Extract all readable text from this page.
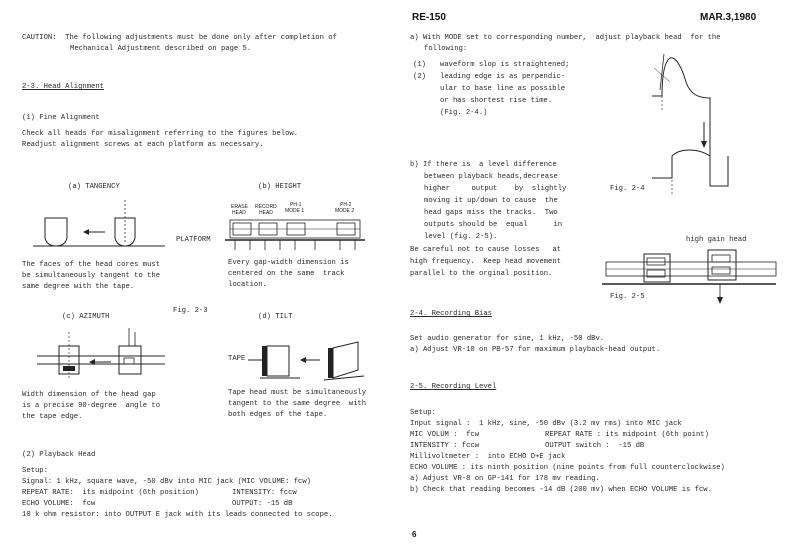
RE-150	MAR.3,1980
6
CAUTION:  The following adjustments must be done only after completion of
Mechanical Adjustment described on page 5.
2-3. Head Alignment
(1) Fine Alignment
Check all heads for misalignment referring to the figures below.
Readjust alignment screws at each platform as necessary.
(a) TANGENCY	(b) HEIGHT
ERASE
HEAD
RECORD
HEAD
PH-1
MODE 1
PH-2
MODE 2
PLATFORM
The faces of the head cores must
be simultaneously tangent to the
same degree with the tape.
Every gap-width dimension is
centered on the same  track
location.
Fig. 2-3
(c) AZIMUTH	(d) TILT
TAPE
Width dimension of the head gap
is a precise 90-degree  angle to
the tape edge.
Tape head must be simultaneously
tangent to the same degree  with
both edges of the tape.
(2) Playback Head
Setup:
Signal: 1 kHz, square wave, -50 dBv into MIC jack (MIC VOLUME: fcw)
REPEAT RATE:  its midpoint (6th position)	INTENSITY: fccw
ECHO VOLUME:  fcw	OUTPUT: -15 dB
10 k ohm resistor: into OUTPUT E jack with its leads connected to scope.
a) With MODE set to corresponding number,  adjust playback head  for the
following:
(1) waveform slop is straightened;
(2) leading edge is as perpendic-
ular to base line as possible
or has shortest rise time.
(Fig. 2-4.)
b) If there is  a level difference
between playback heads,decrease
higher     output    by  slightly
moving it up/down to cause  the
head gaps miss the tracks.  Two
outputs should be  equal      in
level (fig. 2-5).
Be careful not to cause losses   at
high frequency.  Keep head movement
parallel to the orginal position.
Fig. 2-4
high gain head
Fig. 2-5
2-4. Recording Bias
Set audio generator for sine, 1 kHz, -50 dBv.
a) Adjust VR-10 on PB-57 for maximum playback-head output.
2-5. Recording Level
Setup:
Input signal :  1 kHz, sine, -50 dBv (3.2 mv rms) into MIC jack
MIC VOLUM :  fcw	REPEAT RATE : its midpoint (6th point)
INTENSITY : fccw	OUTPUT switch :  -15 dB
Millivoltmeter :  into ECHO D+E jack
ECHO VOLUME : its ninth position (nine points from full counterclockwise)
a) Adjust VR-8 on GP-141 for 178 mv reading.
b) Check that reading becomes -14 dB (200 mv) when ECHO VOLUME is fcw.
